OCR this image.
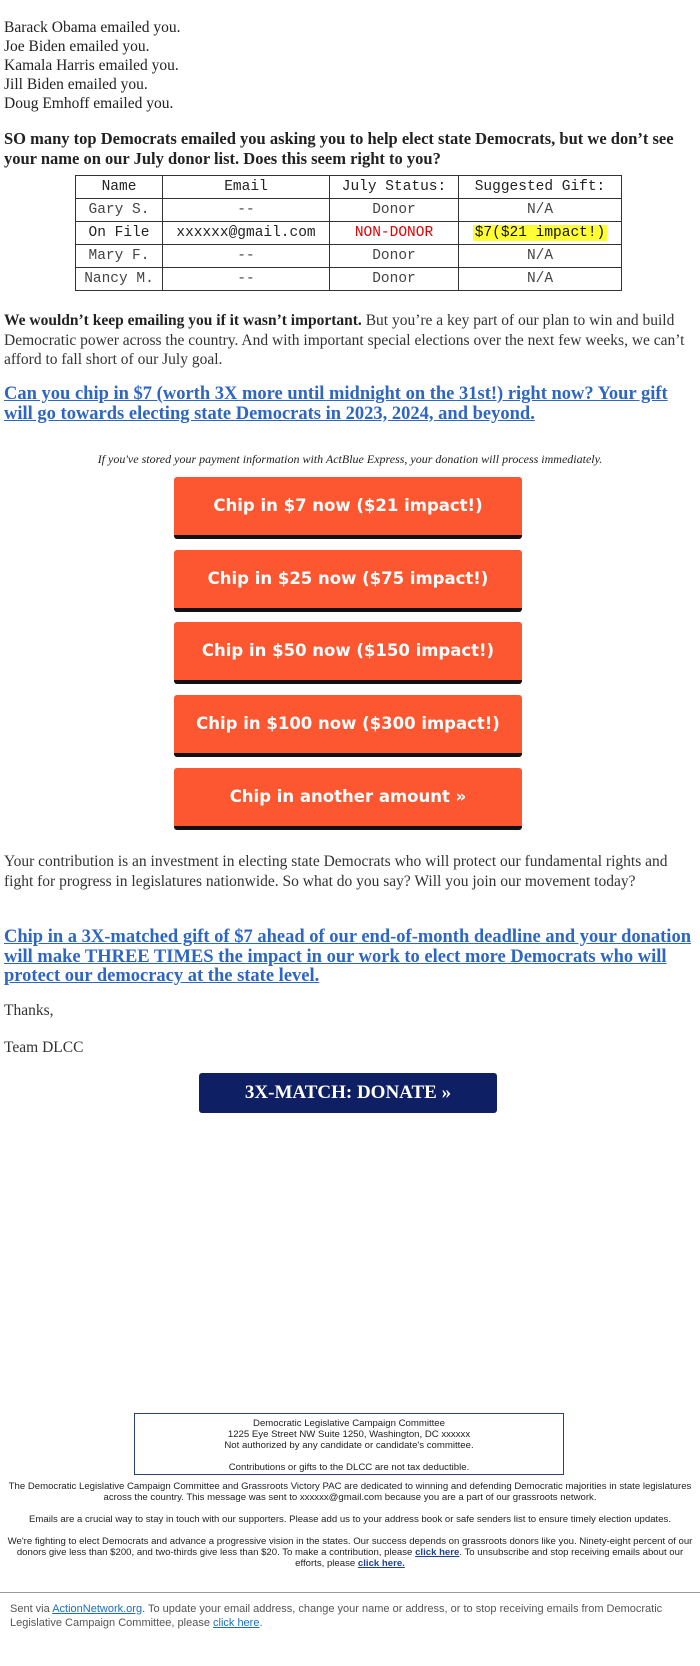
Barack Obama emailed you.
Joe Biden emailed you.
Kamala Harris emailed you.
Jill Biden emailed you.
Doug Emhoff emailed you.
SO many top Democrats emailed you asking you to help elect state Democrats, but we don’t see your name on our July donor list. Does this seem right to you?
Name	Email	July Status:	Suggested Gift:
Gary S.	--	Donor	N/A
On File	xxxxxx@gmail.com	NON-DONOR	$7($21 impact!)
Mary F.	--	Donor	N/A
Nancy M.	--	Donor	N/A
We wouldn’t keep emailing you if it wasn’t important. But you’re a key part of our plan to win and build Democratic power across the country. And with important special elections over the next few weeks, we can’t afford to fall short of our July goal.
Can you chip in $7 (worth 3X more until midnight on the 31st!) right now? Your gift will go towards electing state Democrats in 2023, 2024, and beyond.
If you've stored your payment information with ActBlue Express, your donation will process immediately.
Chip in $7 now ($21 impact!)
Chip in $25 now ($75 impact!)
Chip in $50 now ($150 impact!)
Chip in $100 now ($300 impact!)
Chip in another amount »
Your contribution is an investment in electing state Democrats who will protect our fundamental rights and fight for progress in legislatures nationwide. So what do you say? Will you join our movement today?
Chip in a 3X-matched gift of $7 ahead of our end-of-month deadline and your donation will make THREE TIMES the impact in our work to elect more Democrats who will protect our democracy at the state level.
Thanks,
Team DLCC
3X-MATCH: DONATE »
Democratic Legislative Campaign Committee
1225 Eye Street NW Suite 1250, Washington, DC xxxxxx
Not authorized by any candidate or candidate's committee.
Contributions or gifts to the DLCC are not tax deductible.
The Democratic Legislative Campaign Committee and Grassroots Victory PAC are dedicated to winning and defending Democratic majorities in state legislatures across the country. This message was sent to xxxxxx@gmail.com because you are a part of our grassroots network.
Emails are a crucial way to stay in touch with our supporters. Please add us to your address book or safe senders list to ensure timely election updates.
We're fighting to elect Democrats and advance a progressive vision in the states. Our success depends on grassroots donors like you. Ninety-eight percent of our donors give less than $200, and two-thirds give less than $20. To make a contribution, please click here. To unsubscribe and stop receiving emails about our efforts, please click here.
Sent via ActionNetwork.org. To update your email address, change your name or address, or to stop receiving emails from Democratic Legislative Campaign Committee, please click here.
